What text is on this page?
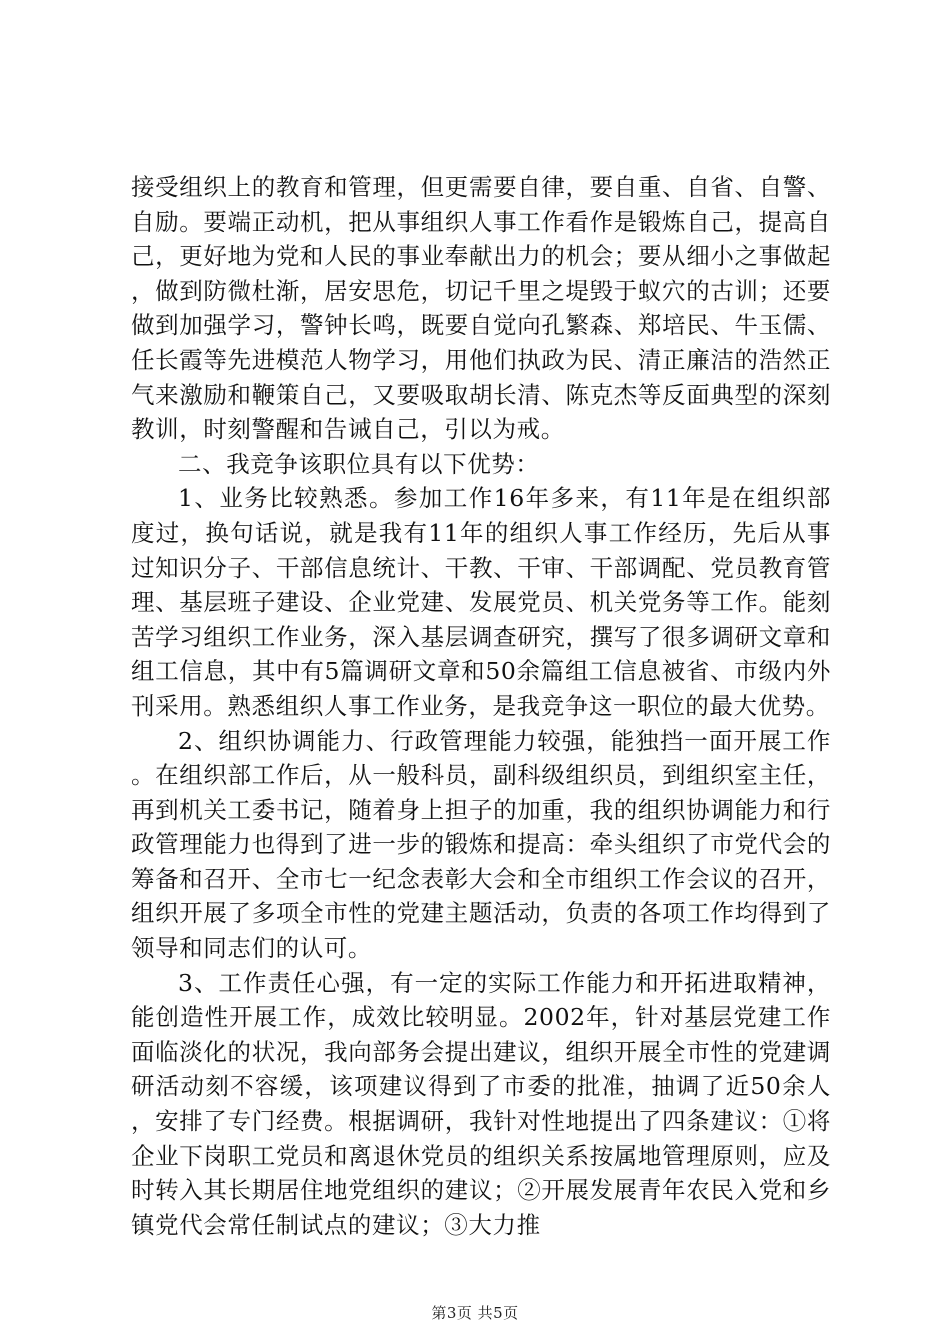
接受组织上的教育和管理，但更需要自律，要自重、自省、自警、自励。要端正动机，把从事组织人事工作看作是锻炼自己，提高自己，更好地为党和人民的事业奉献出力的机会；要从细小之事做起，做到防微杜渐，居安思危，切记千里之堤毁于蚁穴的古训；还要做到加强学习，警钟长鸣，既要自觉向孔繁森、郑培民、牛玉儒、任长霞等先进模范人物学习，用他们执政为民、清正廉洁的浩然正气来激励和鞭策自己，又要吸取胡长清、陈克杰等反面典型的深刻教训，时刻警醒和告诫自己，引以为戒。

二、我竞争该职位具有以下优势：

1、业务比较熟悉。参加工作16年多来，有11年是在组织部度过，换句话说，就是我有11年的组织人事工作经历，先后从事过知识分子、干部信息统计、干教、干审、干部调配、党员教育管理、基层班子建设、企业党建、发展党员、机关党务等工作。能刻苦学习组织工作业务，深入基层调查研究，撰写了很多调研文章和组工信息，其中有5篇调研文章和50余篇组工信息被省、市级内外刊采用。熟悉组织人事工作业务，是我竞争这一职位的最大优势。

2、组织协调能力、行政管理能力较强，能独挡一面开展工作。在组织部工作后，从一般科员，副科级组织员，到组织室主任，再到机关工委书记，随着身上担子的加重，我的组织协调能力和行政管理能力也得到了进一步的锻炼和提高：牵头组织了市党代会的筹备和召开、全市七一纪念表彰大会和全市组织工作会议的召开，组织开展了多项全市性的党建主题活动，负责的各项工作均得到了领导和同志们的认可。

3、工作责任心强，有一定的实际工作能力和开拓进取精神，能创造性开展工作，成效比较明显。2002年，针对基层党建工作面临淡化的状况，我向部务会提出建议，组织开展全市性的党建调研活动刻不容缓，该项建议得到了市委的批准，抽调了近50余人，安排了专门经费。根据调研，我针对性地提出了四条建议：①将企业下岗职工党员和离退休党员的组织关系按属地管理原则，应及时转入其长期居住地党组织的建议；②开展发展青年农民入党和乡镇党代会常任制试点的建议；③大力推

第3页 共5页
